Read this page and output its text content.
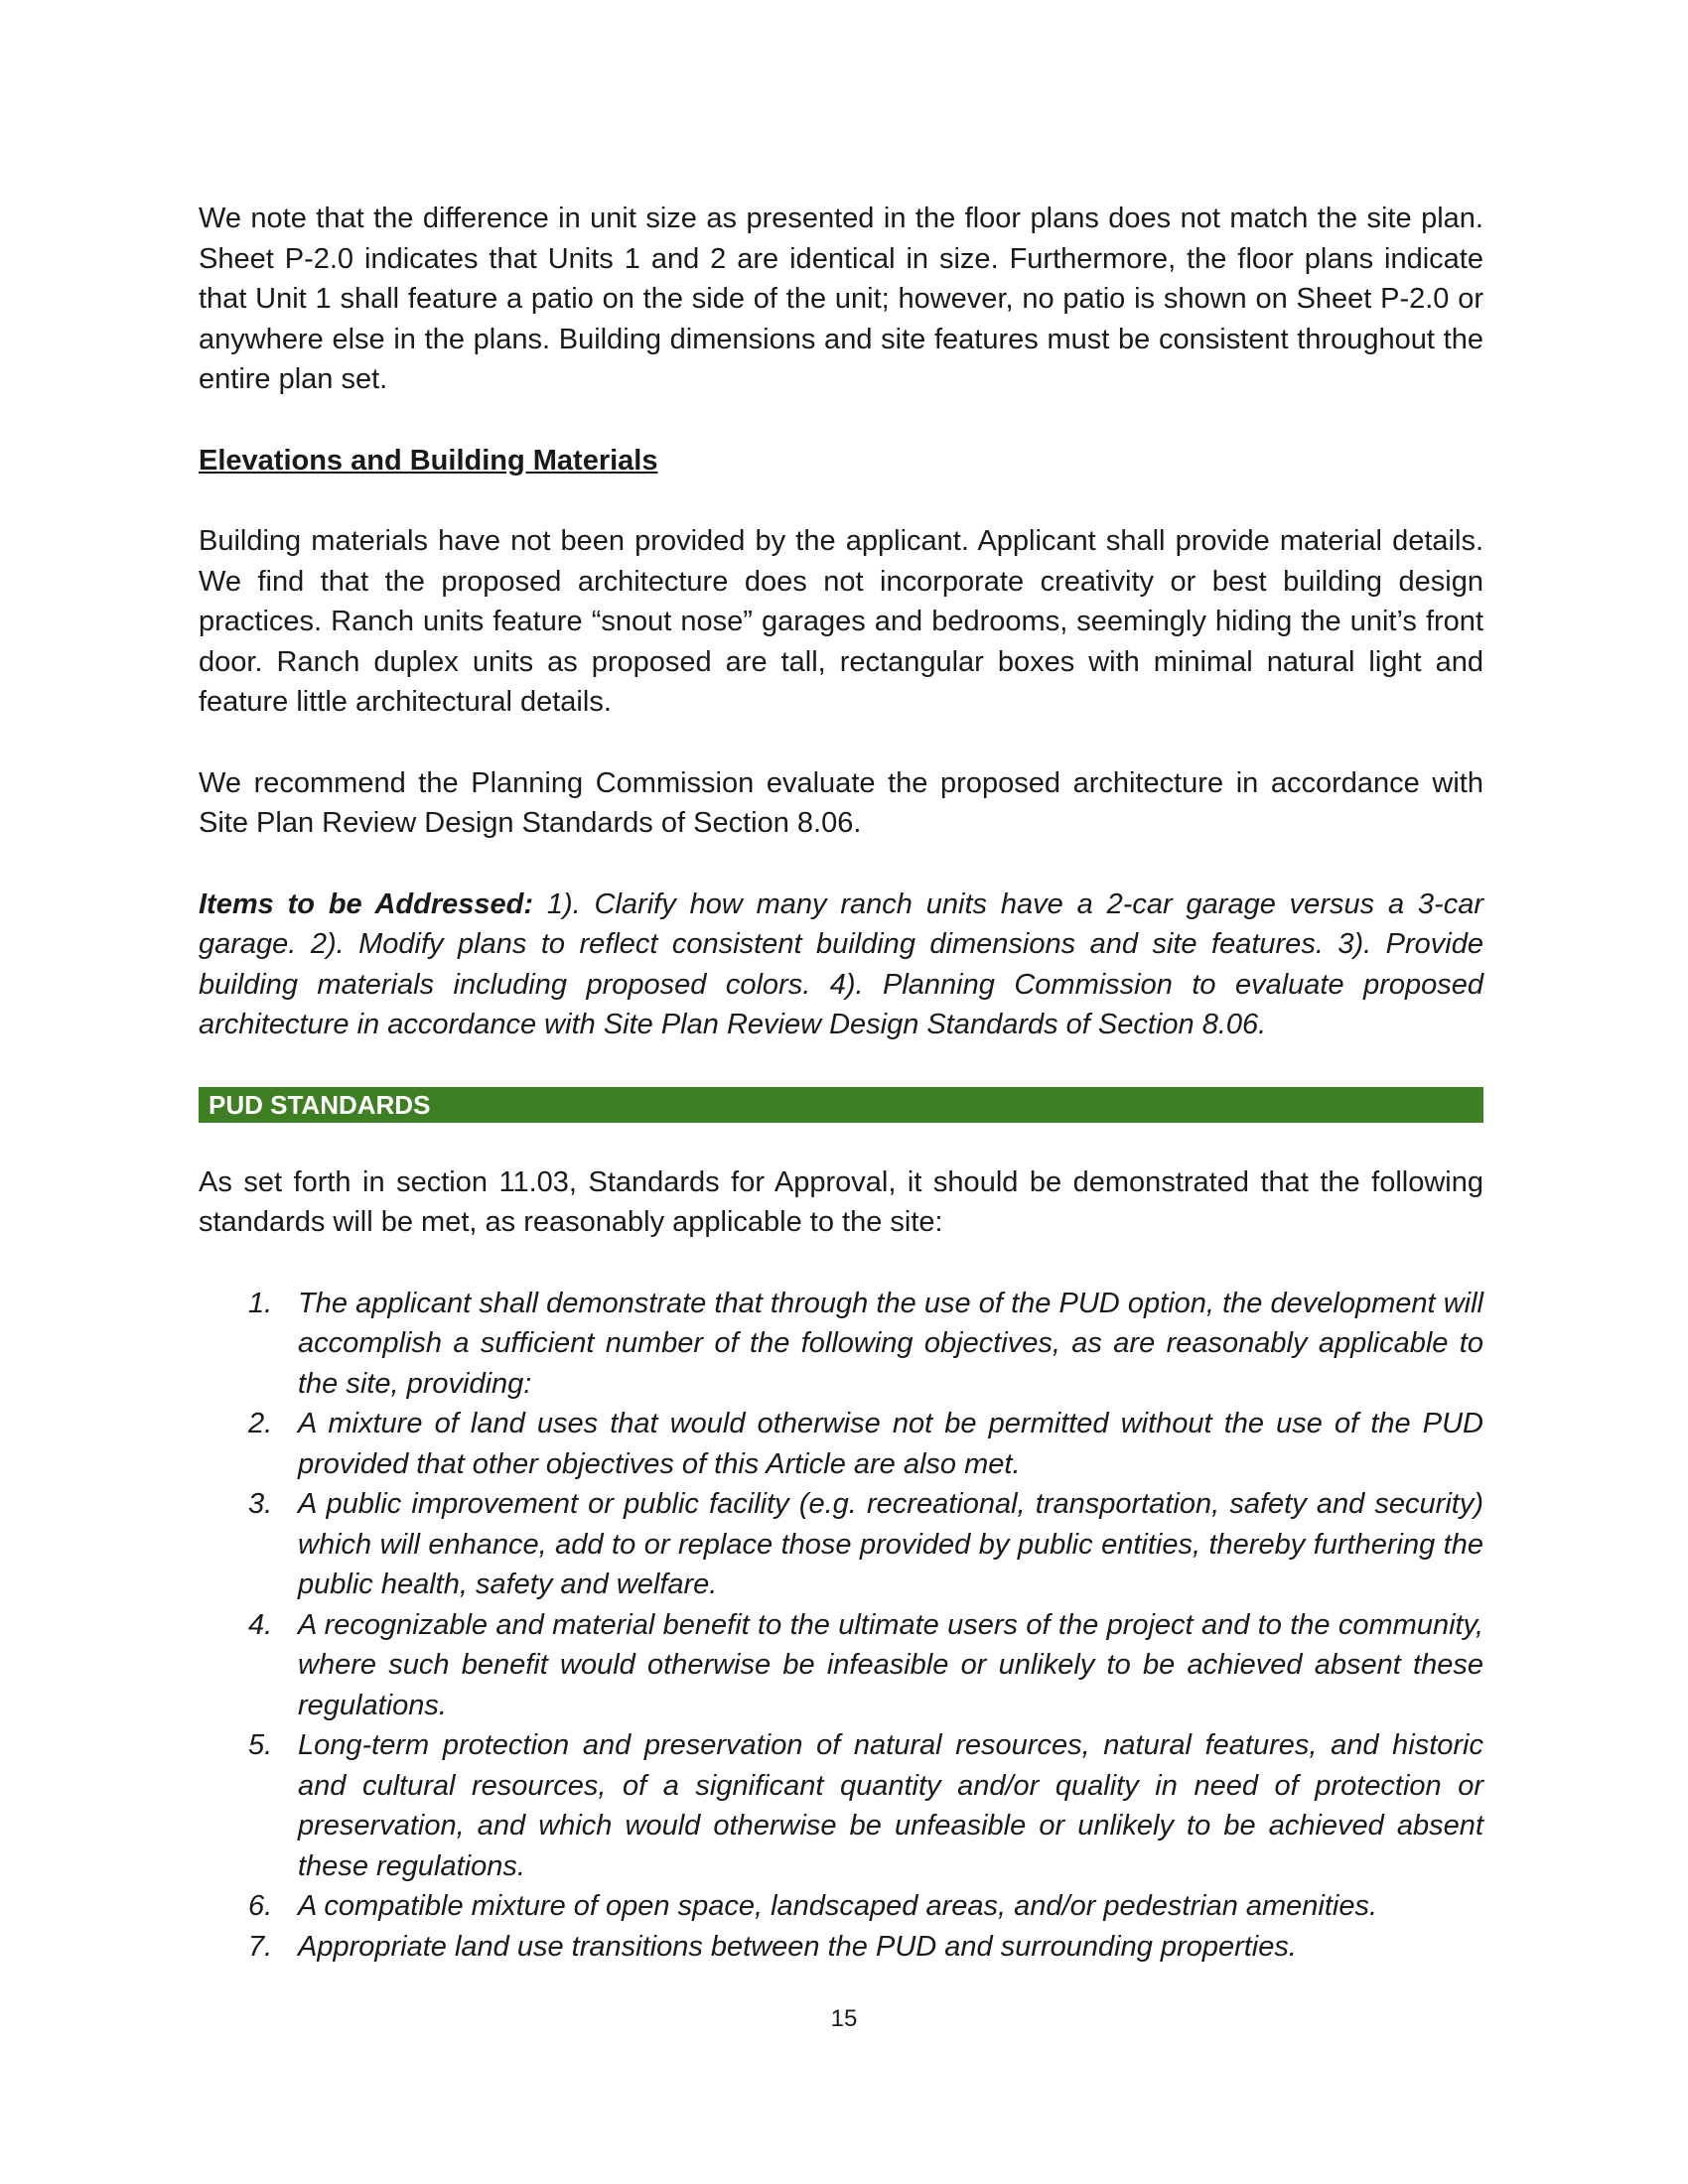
We note that the difference in unit size as presented in the floor plans does not match the site plan. Sheet P-2.0 indicates that Units 1 and 2 are identical in size. Furthermore, the floor plans indicate that Unit 1 shall feature a patio on the side of the unit; however, no patio is shown on Sheet P-2.0 or anywhere else in the plans. Building dimensions and site features must be consistent throughout the entire plan set.

Elevations and Building Materials

Building materials have not been provided by the applicant. Applicant shall provide material details. We find that the proposed architecture does not incorporate creativity or best building design practices. Ranch units feature “snout nose” garages and bedrooms, seemingly hiding the unit’s front door. Ranch duplex units as proposed are tall, rectangular boxes with minimal natural light and feature little architectural details.

We recommend the Planning Commission evaluate the proposed architecture in accordance with Site Plan Review Design Standards of Section 8.06.

Items to be Addressed: 1). Clarify how many ranch units have a 2-car garage versus a 3-car garage. 2). Modify plans to reflect consistent building dimensions and site features. 3). Provide building materials including proposed colors. 4). Planning Commission to evaluate proposed architecture in accordance with Site Plan Review Design Standards of Section 8.06.

PUD STANDARDS

As set forth in section 11.03, Standards for Approval, it should be demonstrated that the following standards will be met, as reasonably applicable to the site:

1. The applicant shall demonstrate that through the use of the PUD option, the development will accomplish a sufficient number of the following objectives, as are reasonably applicable to the site, providing:
2. A mixture of land uses that would otherwise not be permitted without the use of the PUD provided that other objectives of this Article are also met.
3. A public improvement or public facility (e.g. recreational, transportation, safety and security) which will enhance, add to or replace those provided by public entities, thereby furthering the public health, safety and welfare.
4. A recognizable and material benefit to the ultimate users of the project and to the community, where such benefit would otherwise be infeasible or unlikely to be achieved absent these regulations.
5. Long-term protection and preservation of natural resources, natural features, and historic and cultural resources, of a significant quantity and/or quality in need of protection or preservation, and which would otherwise be unfeasible or unlikely to be achieved absent these regulations.
6. A compatible mixture of open space, landscaped areas, and/or pedestrian amenities.
7. Appropriate land use transitions between the PUD and surrounding properties.
15
